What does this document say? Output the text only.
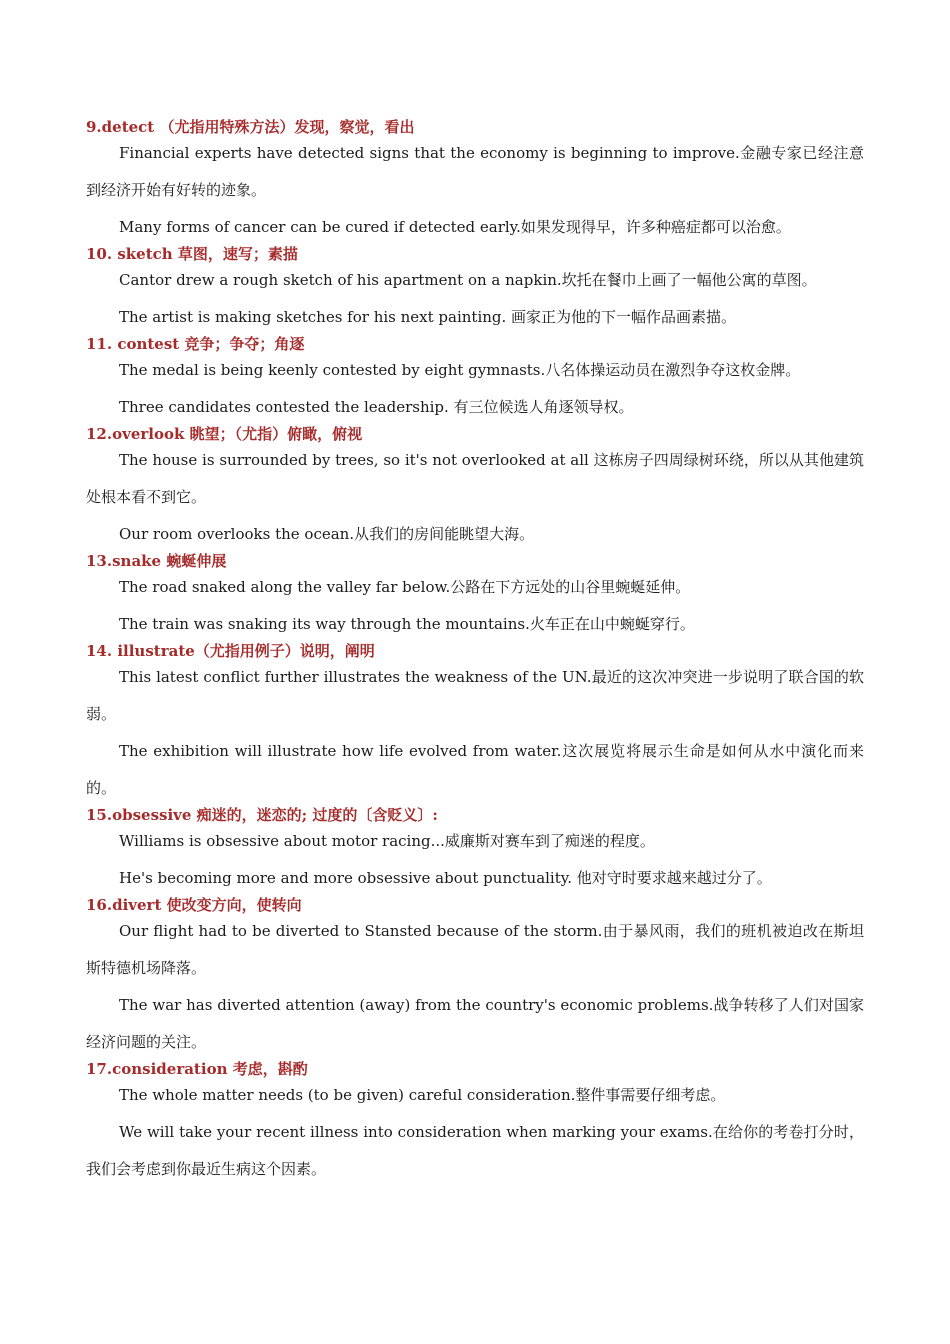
9.detect （尤指用特殊方法）发现，察觉，看出

Financial experts have detected signs that the economy is beginning to improve.金融专家已经注意到经济开始有好转的迹象。

Many forms of cancer can be cured if detected early.如果发现得早，许多种癌症都可以治愈。

10. sketch 草图，速写；素描

Cantor drew a rough sketch of his apartment on a napkin.坎托在餐巾上画了一幅他公寓的草图。

The artist is making sketches for his next painting. 画家正为他的下一幅作品画素描。

11. contest 竞争；争夺；角逐

The medal is being keenly contested by eight gymnasts.八名体操运动员在激烈争夺这枚金牌。

Three candidates contested the leadership. 有三位候选人角逐领导权。

12.overlook 眺望；（尤指）俯瞰，俯视

The house is surrounded by trees, so it's not overlooked at all 这栋房子四周绿树环绕，所以从其他建筑处根本看不到它。

Our room overlooks the ocean.从我们的房间能眺望大海。

13.snake 蜿蜒伸展

The road snaked along the valley far below.公路在下方远处的山谷里蜿蜒延伸。

The train was snaking its way through the mountains.火车正在山中蜿蜒穿行。

14. illustrate（尤指用例子）说明，阐明

This latest conflict further illustrates the weakness of the UN.最近的这次冲突进一步说明了联合国的软弱。

The exhibition will illustrate how life evolved from water.这次展览将展示生命是如何从水中演化而来的。

15.obsessive 痴迷的，迷恋的; 过度的〔含贬义〕:

Williams is obsessive about motor racing...威廉斯对赛车到了痴迷的程度。

He's becoming more and more obsessive about punctuality. 他对守时要求越来越过分了。

16.divert 使改变方向，使转向

Our flight had to be diverted to Stansted because of the storm.由于暴风雨，我们的班机被迫改在斯坦斯特德机场降落。

The war has diverted attention (away) from the country's economic problems.战争转移了人们对国家经济问题的关注。

17.consideration 考虑，斟酌

The whole matter needs (to be given) careful consideration.整件事需要仔细考虑。

We will take your recent illness into consideration when marking your exams.在给你的考卷打分时，我们会考虑到你最近生病这个因素。
